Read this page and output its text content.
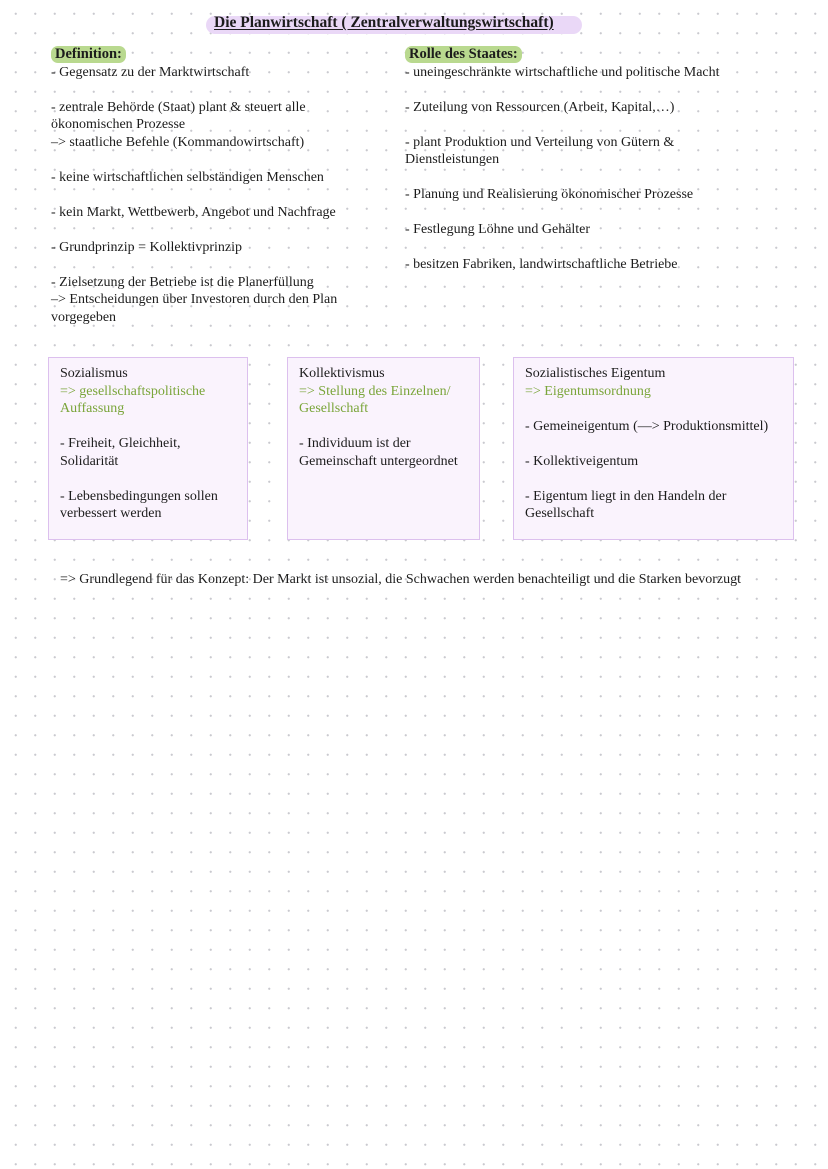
Die Planwirtschaft ( Zentralverwaltungswirtschaft)
Definition:

- Gegensatz zu der Marktwirtschaft

- zentrale Behörde (Staat) plant & steuert alle

ökonomischen Prozesse

–> staatliche Befehle (Kommandowirtschaft)

- keine wirtschaftlichen selbständigen Menschen

- kein Markt, Wettbewerb, Angebot und Nachfrage

- Grundprinzip = Kollektivprinzip

- Zielsetzung der Betriebe ist die Planerfüllung

–> Entscheidungen über Investoren durch den Plan

vorgegeben

Rolle des Staates:

- uneingeschränkte wirtschaftliche und politische Macht

- Zuteilung von Ressourcen (Arbeit, Kapital,…)

- plant Produktion und Verteilung von Gütern &

Dienstleistungen

- Planung und Realisierung ökonomischer Prozesse

- Festlegung Löhne und Gehälter

- besitzen Fabriken, landwirtschaftliche Betriebe

Sozialismus

=> gesellschaftspolitische

Auffassung

- Freiheit, Gleichheit,

Solidarität

- Lebensbedingungen sollen

verbessert werden

Kollektivismus

=> Stellung des Einzelnen/

Gesellschaft

- Individuum ist der

Gemeinschaft untergeordnet

Sozialistisches Eigentum

=> Eigentumsordnung

- Gemeineigentum (—> Produktionsmittel)

- Kollektiveigentum

- Eigentum liegt in den Handeln der

Gesellschaft

=> Grundlegend für das Konzept: Der Markt ist unsozial, die Schwachen werden benachteiligt und die Starken bevorzugt
